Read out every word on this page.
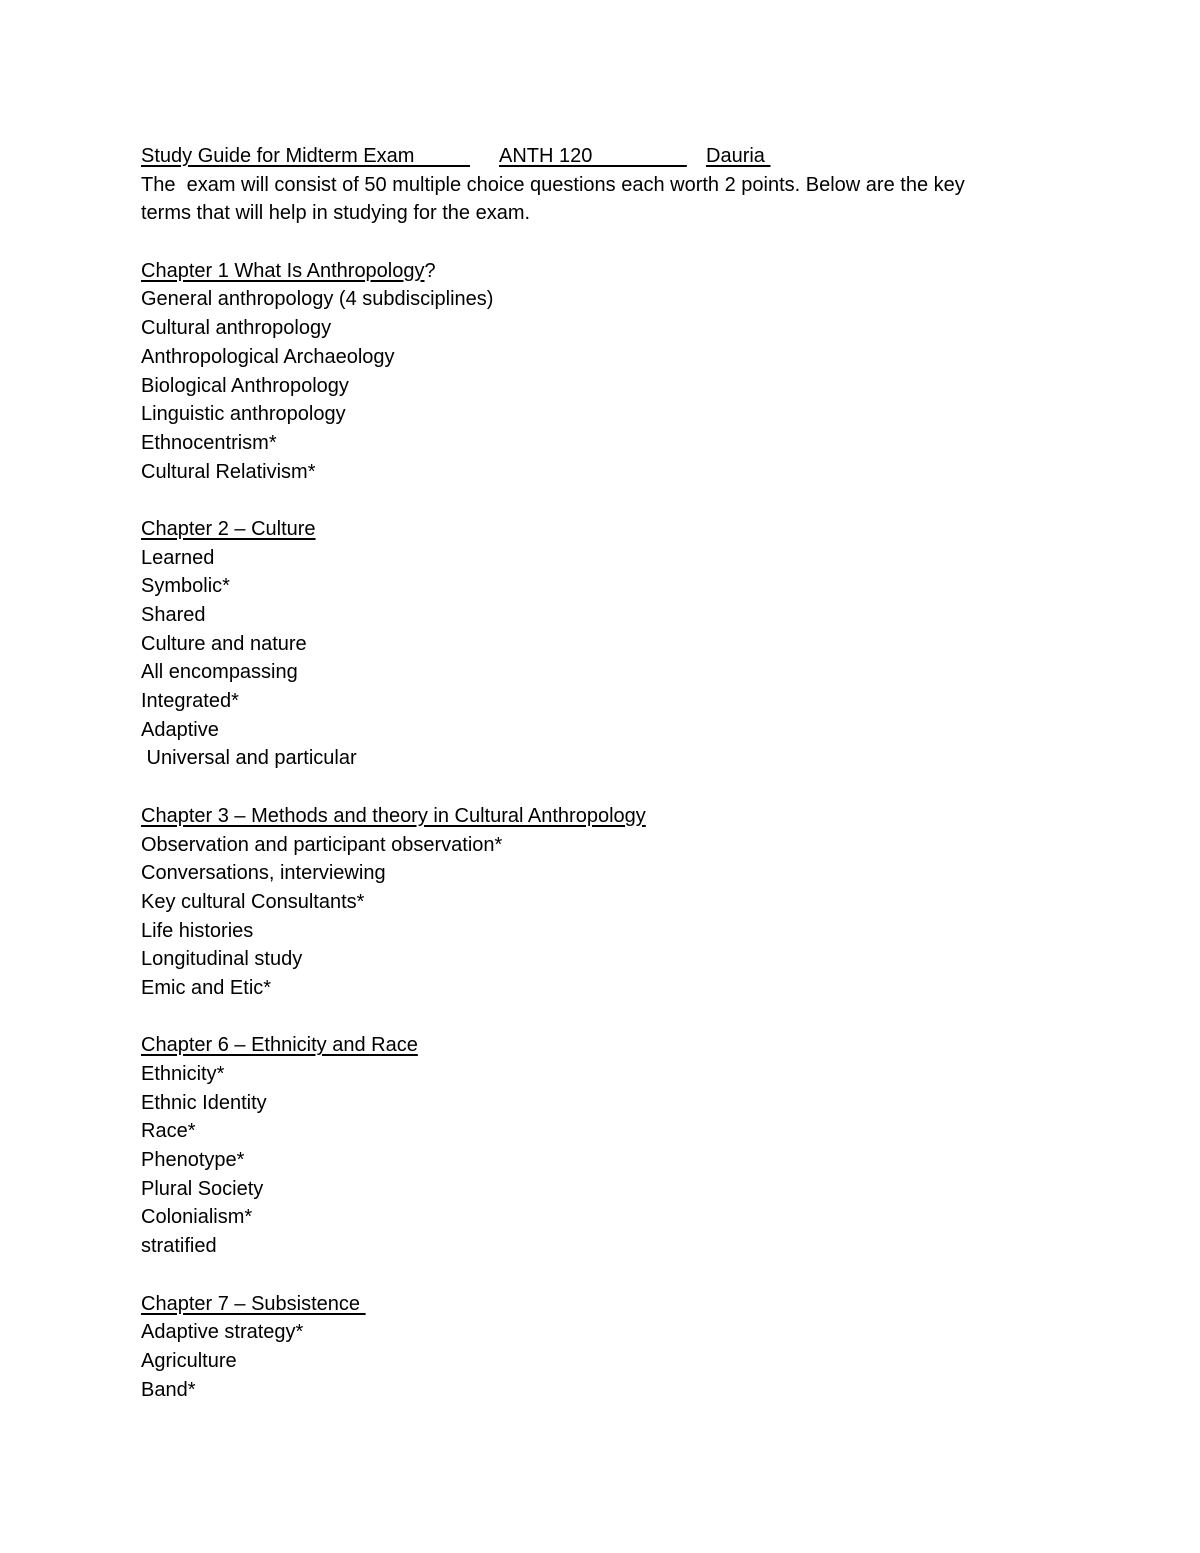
Study Guide for Midterm Exam

ANTH 120

Dauria

The  exam will consist of 50 multiple choice questions each worth 2 points. Below are the key
terms that will help in studying for the exam.
Chapter 1 What Is Anthropology?
General anthropology (4 subdisciplines)
Cultural anthropology
Anthropological Archaeology
Biological Anthropology
Linguistic anthropology
Ethnocentrism*
Cultural Relativism*
Chapter 2 – Culture
Learned
Symbolic*
Shared
Culture and nature
All encompassing
Integrated*
Adaptive
Universal and particular
Chapter 3 – Methods and theory in Cultural Anthropology
Observation and participant observation*
Conversations, interviewing
Key cultural Consultants*
Life histories
Longitudinal study
Emic and Etic*
Chapter 6 – Ethnicity and Race
Ethnicity*
Ethnic Identity
Race*
Phenotype*
Plural Society
Colonialism*
stratified
Chapter 7 – Subsistence
Adaptive strategy*
Agriculture
Band*
